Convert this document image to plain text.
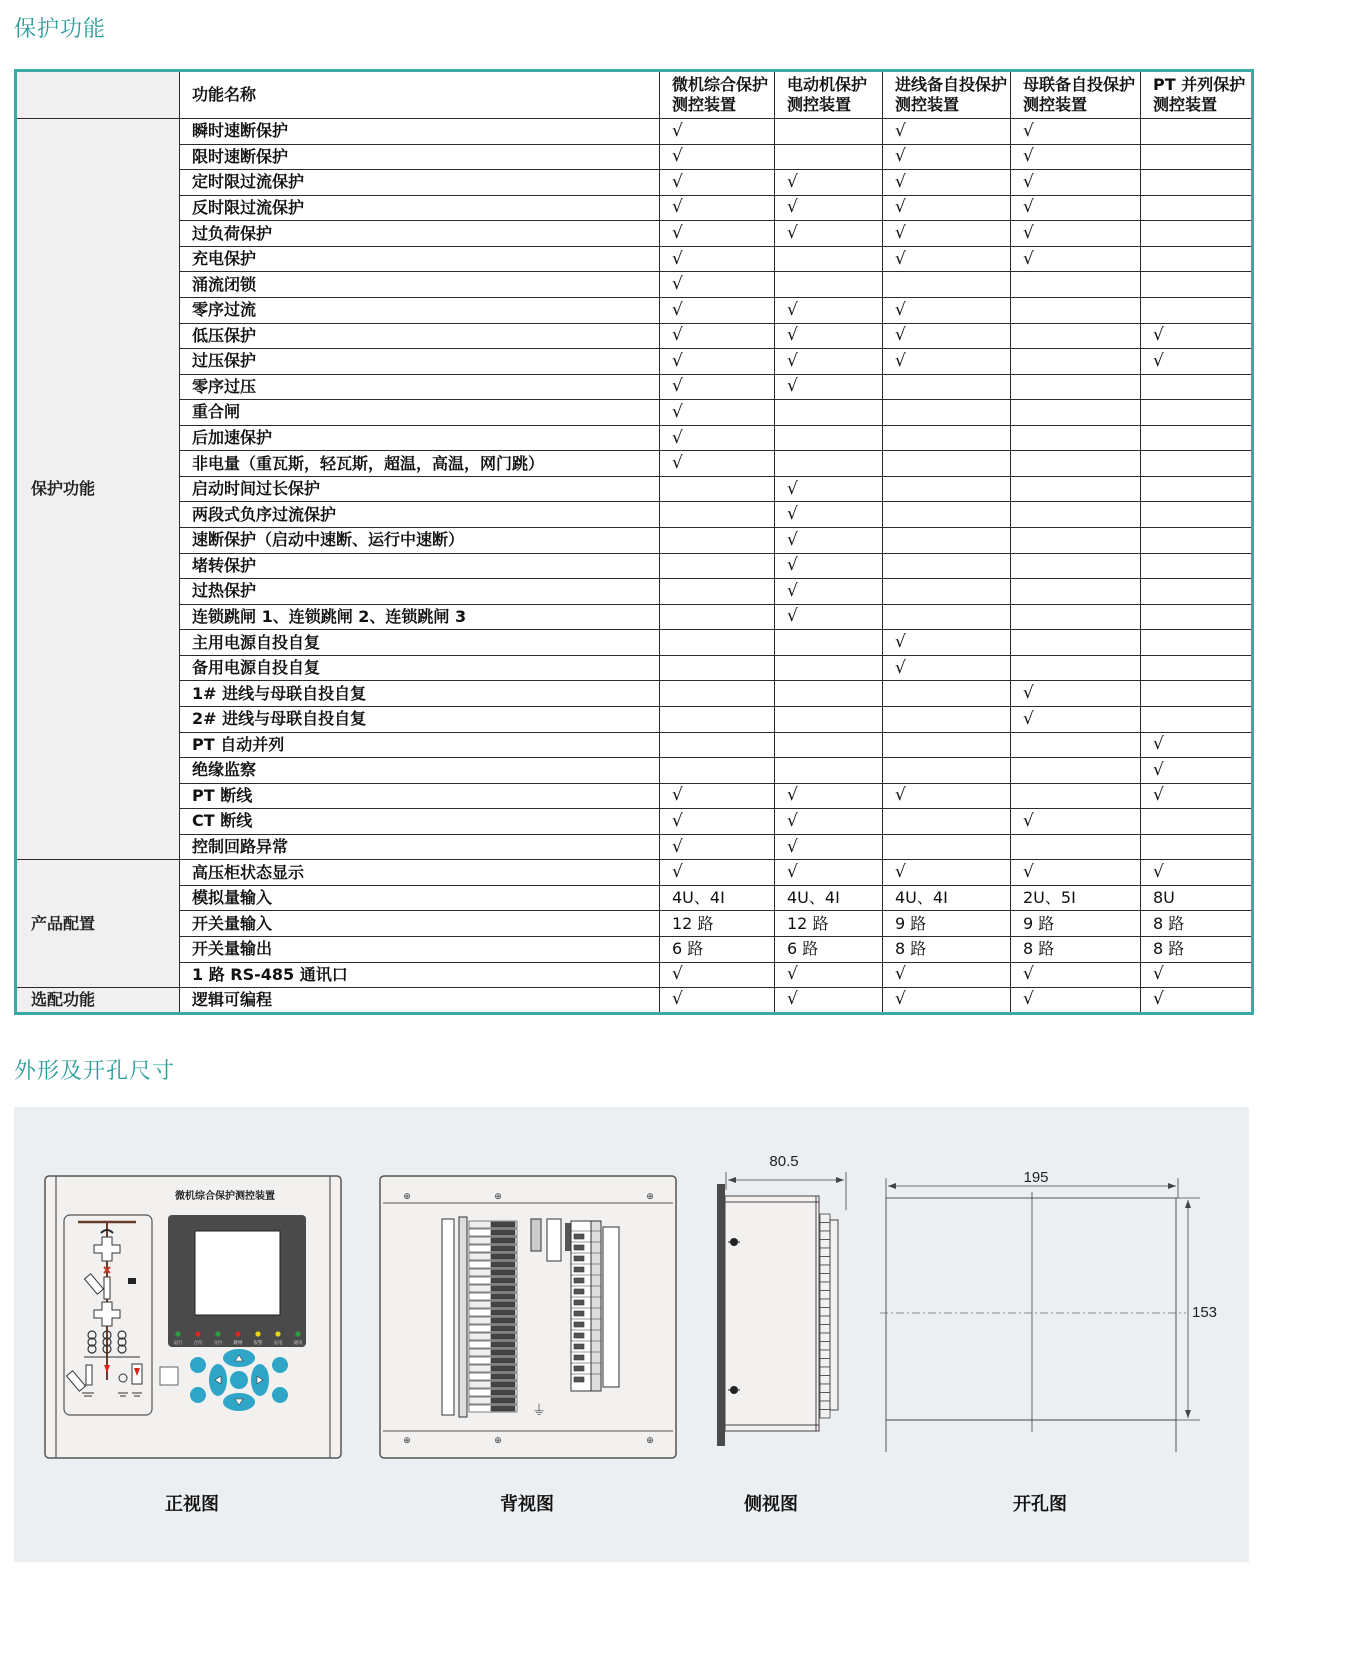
保护功能
	功能名称	微机综合保护测控装置	电动机保护测控装置	进线备自投保护测控装置	母联备自投保护测控装置	PT 并列保护测控装置
保护功能	瞬时速断保护	√		√	√	
	限时速断保护	√		√	√	
	定时限过流保护	√	√	√	√	
	反时限过流保护	√	√	√	√	
	过负荷保护	√	√	√	√	
	充电保护	√		√	√	
	涌流闭锁	√				
	零序过流	√	√	√		
	低压保护	√	√	√		√
	过压保护	√	√	√		√
	零序过压	√	√			
	重合闸	√				
	后加速保护	√				
	非电量（重瓦斯，轻瓦斯，超温，高温，网门跳）	√				
	启动时间过长保护		√			
	两段式负序过流保护		√			
	速断保护（启动中速断、运行中速断）		√			
	堵转保护		√			
	过热保护		√			
	连锁跳闸 1、连锁跳闸 2、连锁跳闸 3		√			
	主用电源自投自复			√		
	备用电源自投自复			√		
	1# 进线与母联自投自复				√	
	2# 进线与母联自投自复				√	
	PT 自动并列					√
	绝缘监察					√
	PT 断线	√	√	√		√
	CT 断线	√	√		√	
	控制回路异常	√	√			
产品配置	高压柜状态显示	√	√	√	√	√
	模拟量输入	4U、4I	4U、4I	4U、4I	2U、5I	8U
	开关量输入	12 路	12 路	9 路	9 路	8 路
	开关量输出	6 路	6 路	8 路	8 路	8 路
	1 路 RS-485 通讯口	√	√	√	√	√
选配功能	逻辑可编程	√	√	√	√	√
外形及开孔尺寸
微机综合保护测控装置
运行 合位 分位 跳闸 报警 充电 通讯
⊕	⊕	⊕
⊕	⊕	⊕
⏚
80.5
195
153
正视图	背视图	侧视图	开孔图
